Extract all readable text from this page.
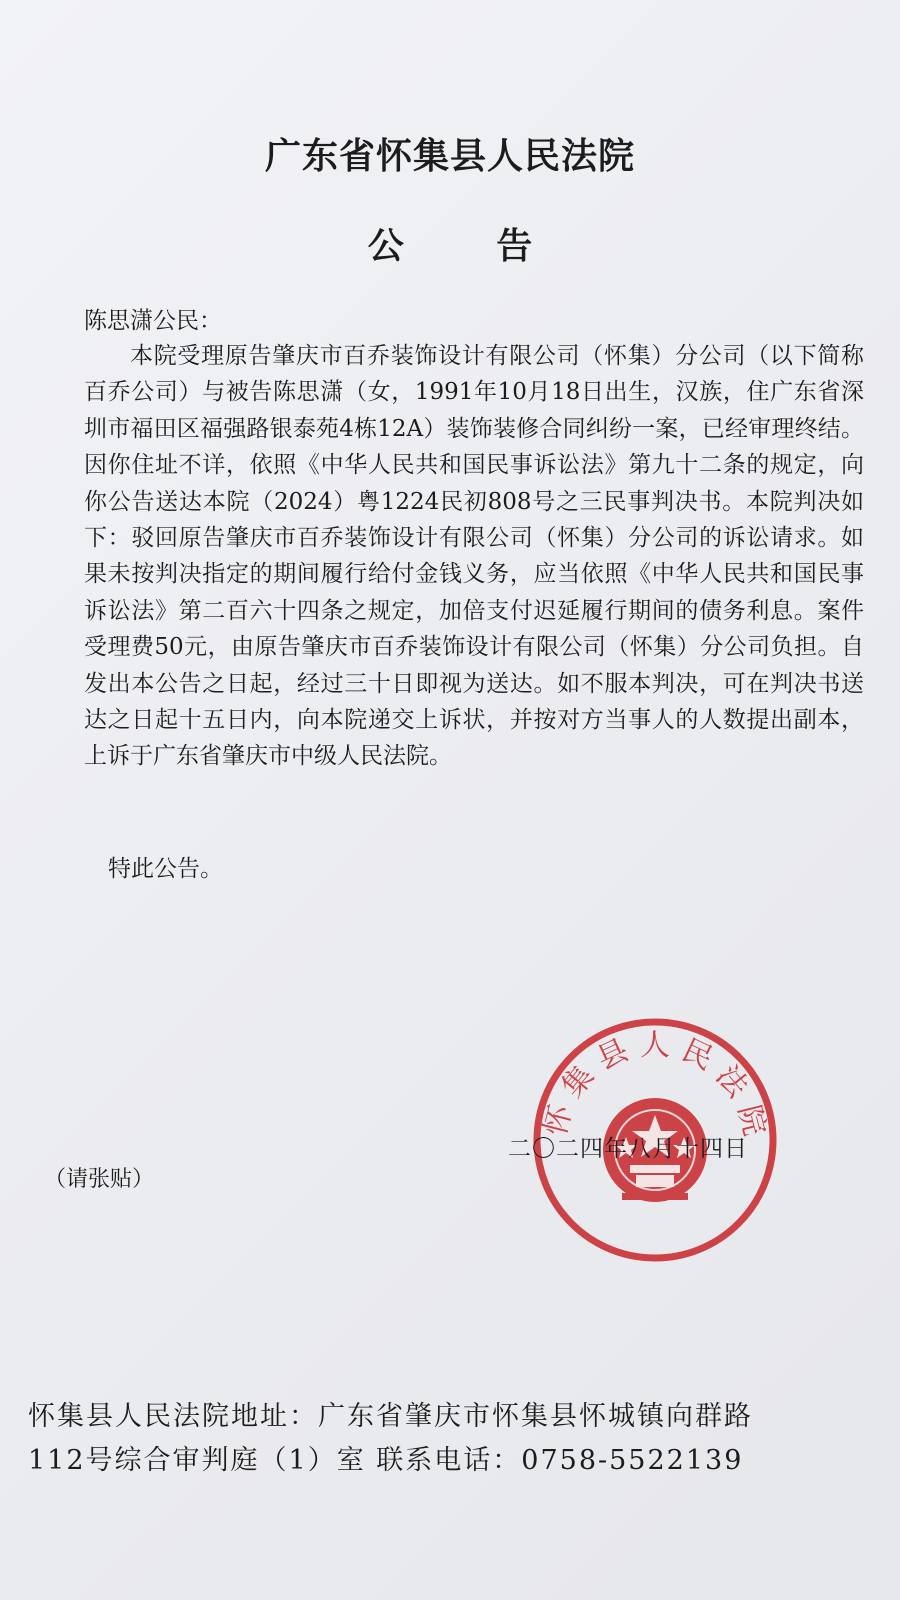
广东省怀集县人民法院
公 告
陈思潇公民：

本院受理原告肇庆市百乔装饰设计有限公司（怀集）分公司（以下简称百乔公司）与被告陈思潇（女，1991年10月18日出生，汉族，住广东省深圳市福田区福强路银泰苑4栋12A）装饰装修合同纠纷一案，已经审理终结。因你住址不详，依照《中华人民共和国民事诉讼法》第九十二条的规定，向你公告送达本院（2024）粤1224民初808号之三民事判决书。本院判决如下：驳回原告肇庆市百乔装饰设计有限公司（怀集）分公司的诉讼请求。如果未按判决指定的期间履行给付金钱义务，应当依照《中华人民共和国民事诉讼法》第二百六十四条之规定，加倍支付迟延履行期间的债务利息。案件受理费50元，由原告肇庆市百乔装饰设计有限公司（怀集）分公司负担。自发出本公告之日起，经过三十日即视为送达。如不服本判决，可在判决书送达之日起十五日内，向本院递交上诉状，并按对方当事人的人数提出副本，上诉于广东省肇庆市中级人民法院。

特此公告。
（请张贴）
怀 集 县 人 民 法 院
二〇二四年八月十四日
怀集县人民法院地址：广东省肇庆市怀集县怀城镇向群路
112号综合审判庭（1）室 联系电话：0758-5522139
